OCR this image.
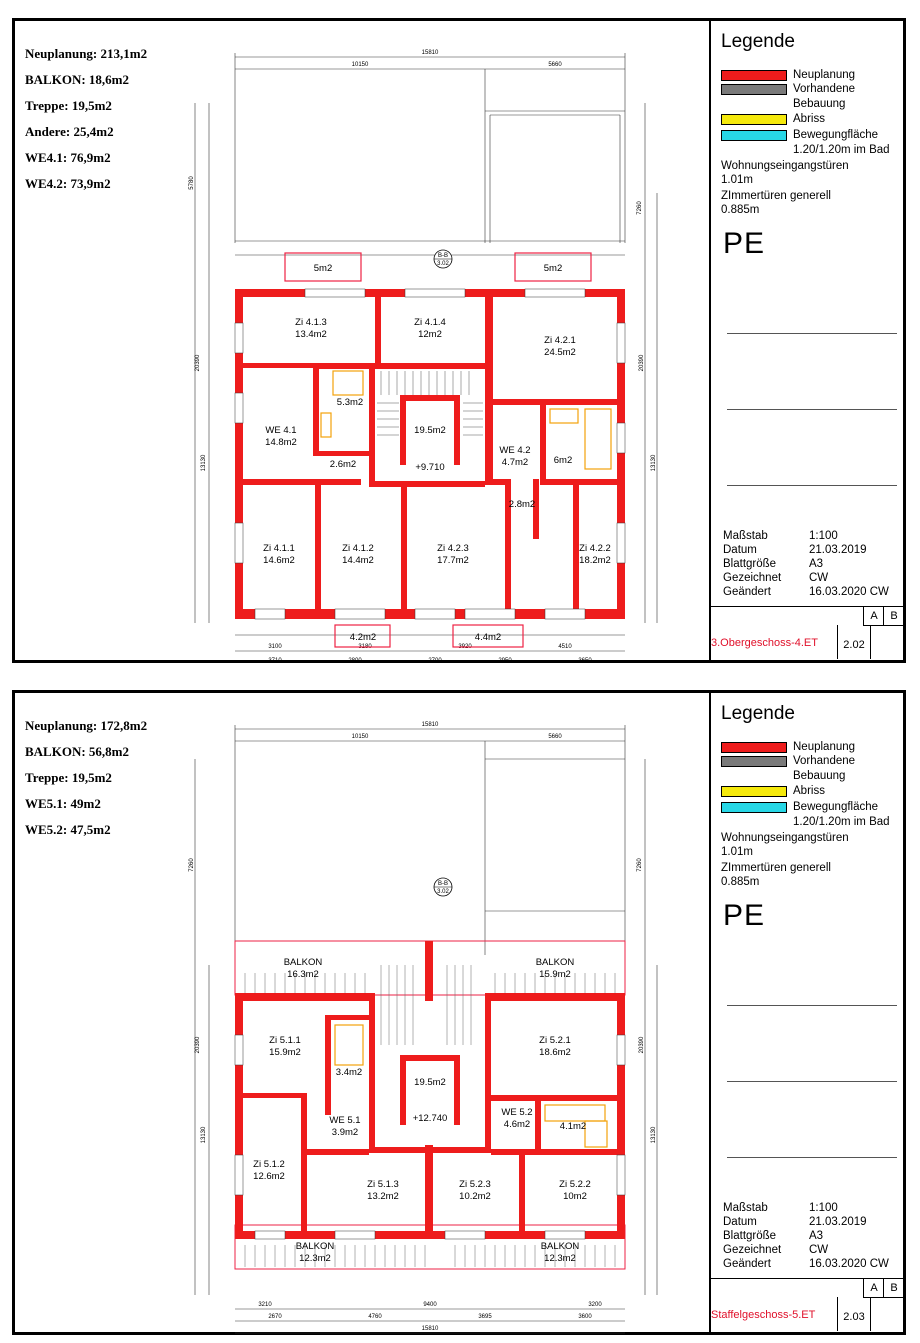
Neuplanung: 213,1m2
BALKON: 18,6m2
Treppe: 19,5m2
Andere: 25,4m2
WE4.1: 76,9m2
WE4.2: 73,9m2
15810
10150	5660
20390
13130
20390
13130
5780
7260
3100	3180	3920	4510
3710	2800	2700	2950	3650
B-B
3.02
Zi 4.1.3
13.4m2
Zi 4.1.4
12m2
Zi 4.2.1
24.5m2
WE 4.1
14.8m2
5.3m2
2.6m2
19.5m2
+9.710
WE 4.2
4.7m2	6m2
2.8m2
Zi 4.1.1
14.6m2
Zi 4.1.2
14.4m2
Zi 4.2.3
17.7m2
Zi 4.2.2
18.2m2
5m2	5m2
4.2m2	4.4m2
Legende
Neuplanung
Vorhandene
Bebauung
Abriss
Bewegungfläche
1.20/1.20m im Bad
Wohnungseingangstüren
1.01m
ZImmertüren generell
0.885m
PE
Maßstab	1:100
Datum	21.03.2019
Blattgröße	A3
Gezeichnet CW
Geändert	16.03.2020 CW
A	B
3.Obergeschoss-4.ET	2.02
Neuplanung: 172,8m2
BALKON: 56,8m2
Treppe: 19,5m2
WE5.1: 49m2
WE5.2: 47,5m2
15810
10150	5660
20390
13130
20390
13130
7260	7260
3210	9400	3200
2670	4760	3695	3600
15810
B-B
3.02
BALKON
16.3m2
BALKON
15.9m2
Zi 5.1.1
15.9m2
3.4m2
19.5m2
Zi 5.2.1
18.6m2
+12.740
WE 5.1
3.9m2
WE 5.2
4.6m2	4.1m2
Zi 5.1.2
12.6m2
Zi 5.1.3
13.2m2
Zi 5.2.3
10.2m2
Zi 5.2.2
10m2
BALKON
12.3m2
BALKON
12.3m2
Legende
Neuplanung
Vorhandene
Bebauung
Abriss
Bewegungfläche
1.20/1.20m im Bad
Wohnungseingangstüren
1.01m
ZImmertüren generell
0.885m
PE
Maßstab	1:100
Datum	21.03.2019
Blattgröße	A3
Gezeichnet CW
Geändert	16.03.2020 CW
A	B
Staffelgeschoss-5.ET	2.03
